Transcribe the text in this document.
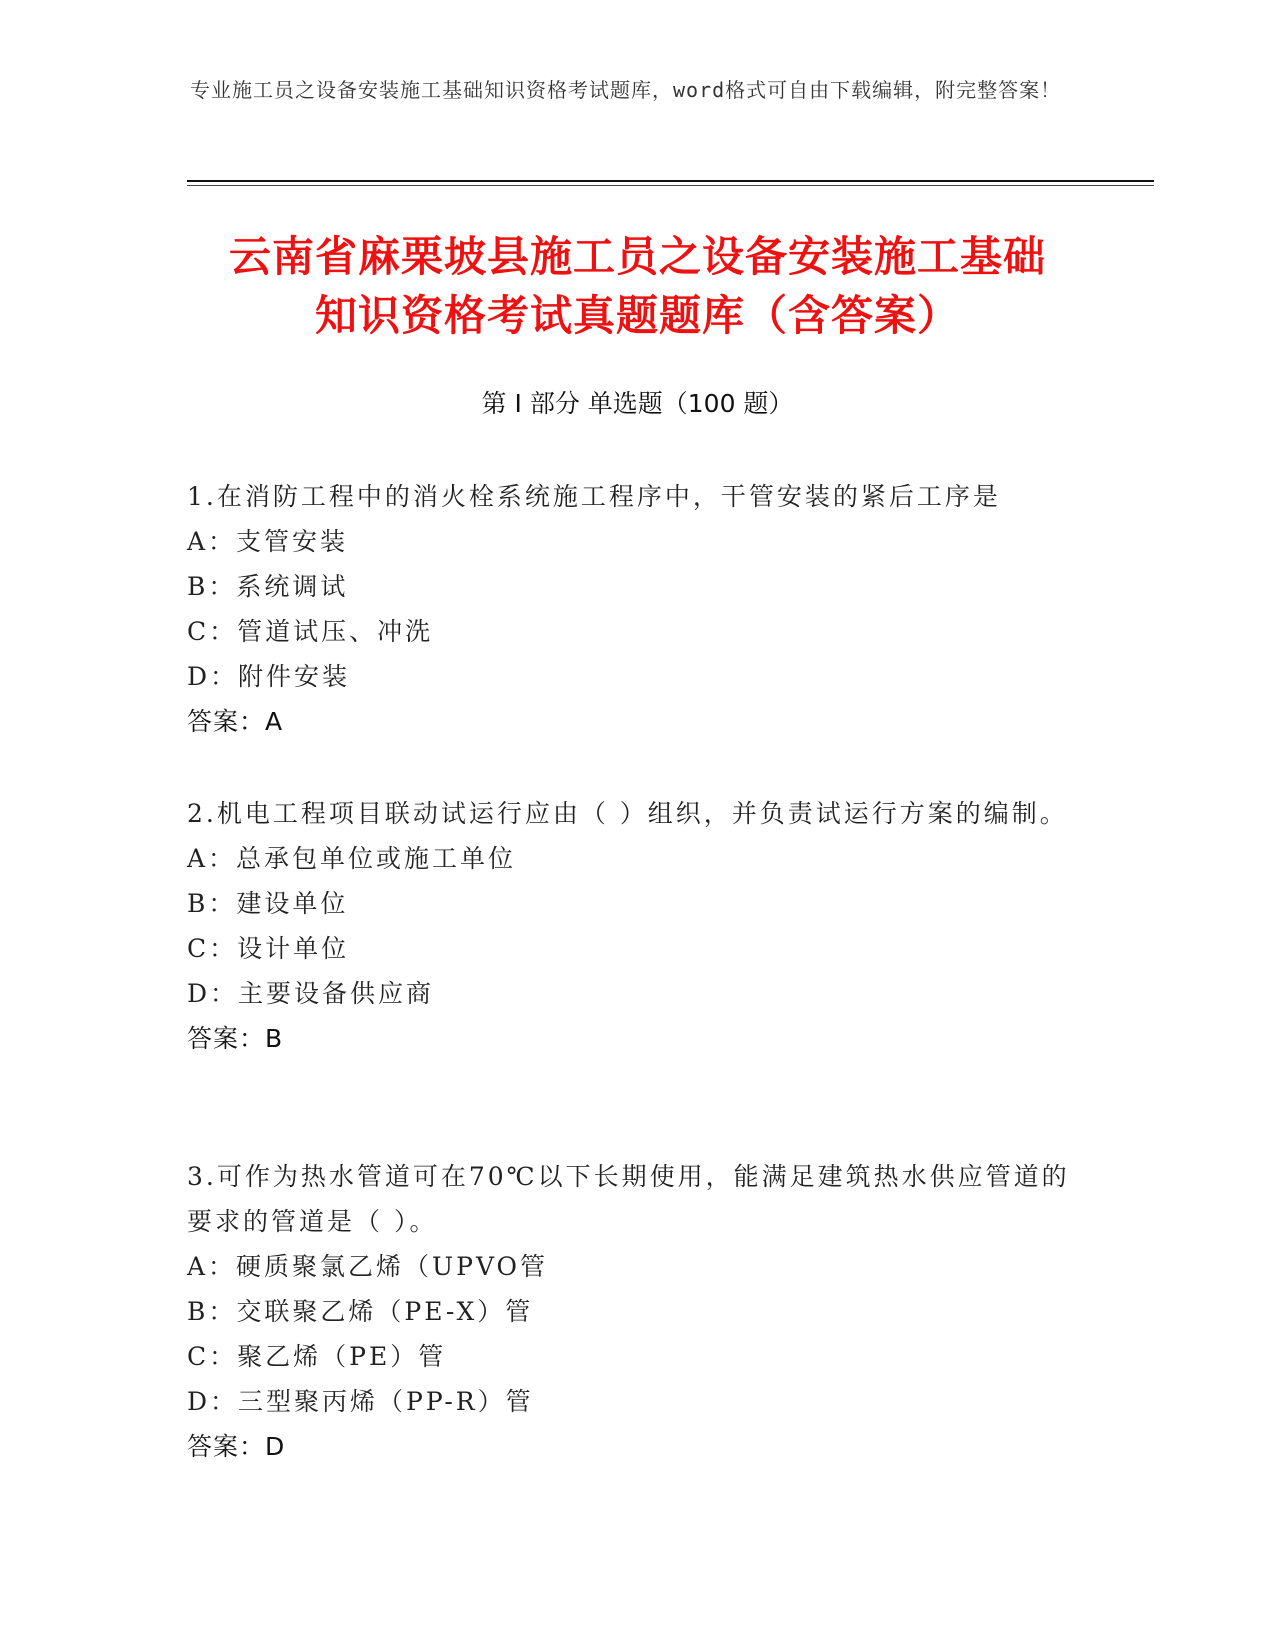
专业施工员之设备安装施工基础知识资格考试题库，word格式可自由下载编辑，附完整答案！
云南省麻栗坡县施工员之设备安装施工基础
知识资格考试真题题库（含答案）
第 I 部分 单选题（100 题）
1.在消防工程中的消火栓系统施工程序中，干管安装的紧后工序是
A：支管安装
B：系统调试
C：管道试压、冲洗
D：附件安装
答案：A
2.机电工程项目联动试运行应由（ ）组织，并负责试运行方案的编制。
A：总承包单位或施工单位
B：建设单位
C：设计单位
D：主要设备供应商
答案：B
3.可作为热水管道可在70℃以下长期使用，能满足建筑热水供应管道的要求的管道是（ ）。
A：硬质聚氯乙烯（UPVO管
B：交联聚乙烯（PE-X）管
C：聚乙烯（PE）管
D：三型聚丙烯（PP-R）管
答案：D
